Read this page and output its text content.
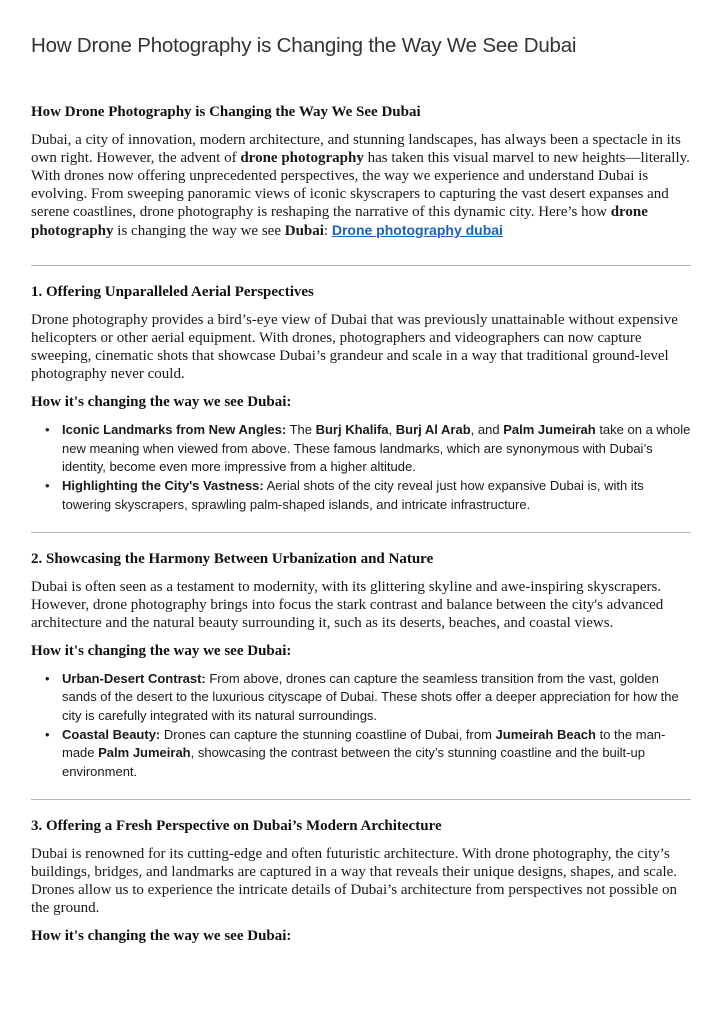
How Drone Photography is Changing the Way We See Dubai
How Drone Photography is Changing the Way We See Dubai

Dubai, a city of innovation, modern architecture, and stunning landscapes, has always been a spectacle in its own right. However, the advent of drone photography has taken this visual marvel to new heights—literally. With drones now offering unprecedented perspectives, the way we experience and understand Dubai is evolving. From sweeping panoramic views of iconic skyscrapers to capturing the vast desert expanses and serene coastlines, drone photography is reshaping the narrative of this dynamic city. Here’s how drone photography is changing the way we see Dubai: Drone photography dubai

1. Offering Unparalleled Aerial Perspectives

Drone photography provides a bird’s-eye view of Dubai that was previously unattainable without expensive helicopters or other aerial equipment. With drones, photographers and videographers can now capture sweeping, cinematic shots that showcase Dubai’s grandeur and scale in a way that traditional ground-level photography never could.

How it's changing the way we see Dubai:
• Iconic Landmarks from New Angles: The Burj Khalifa, Burj Al Arab, and Palm Jumeirah take on a whole new meaning when viewed from above. These famous landmarks, which are synonymous with Dubai’s identity, become even more impressive from a higher altitude.
• Highlighting the City's Vastness: Aerial shots of the city reveal just how expansive Dubai is, with its towering skyscrapers, sprawling palm-shaped islands, and intricate infrastructure.
2. Showcasing the Harmony Between Urbanization and Nature

Dubai is often seen as a testament to modernity, with its glittering skyline and awe-inspiring skyscrapers. However, drone photography brings into focus the stark contrast and balance between the city's advanced architecture and the natural beauty surrounding it, such as its deserts, beaches, and coastal views.

How it's changing the way we see Dubai:
• Urban-Desert Contrast: From above, drones can capture the seamless transition from the vast, golden sands of the desert to the luxurious cityscape of Dubai. These shots offer a deeper appreciation for how the city is carefully integrated with its natural surroundings.
• Coastal Beauty: Drones can capture the stunning coastline of Dubai, from Jumeirah Beach to the man-made Palm Jumeirah, showcasing the contrast between the city’s stunning coastline and the built-up environment.
3. Offering a Fresh Perspective on Dubai’s Modern Architecture

Dubai is renowned for its cutting-edge and often futuristic architecture. With drone photography, the city’s buildings, bridges, and landmarks are captured in a way that reveals their unique designs, shapes, and scale. Drones allow us to experience the intricate details of Dubai’s architecture from perspectives not possible on the ground.

How it's changing the way we see Dubai:
